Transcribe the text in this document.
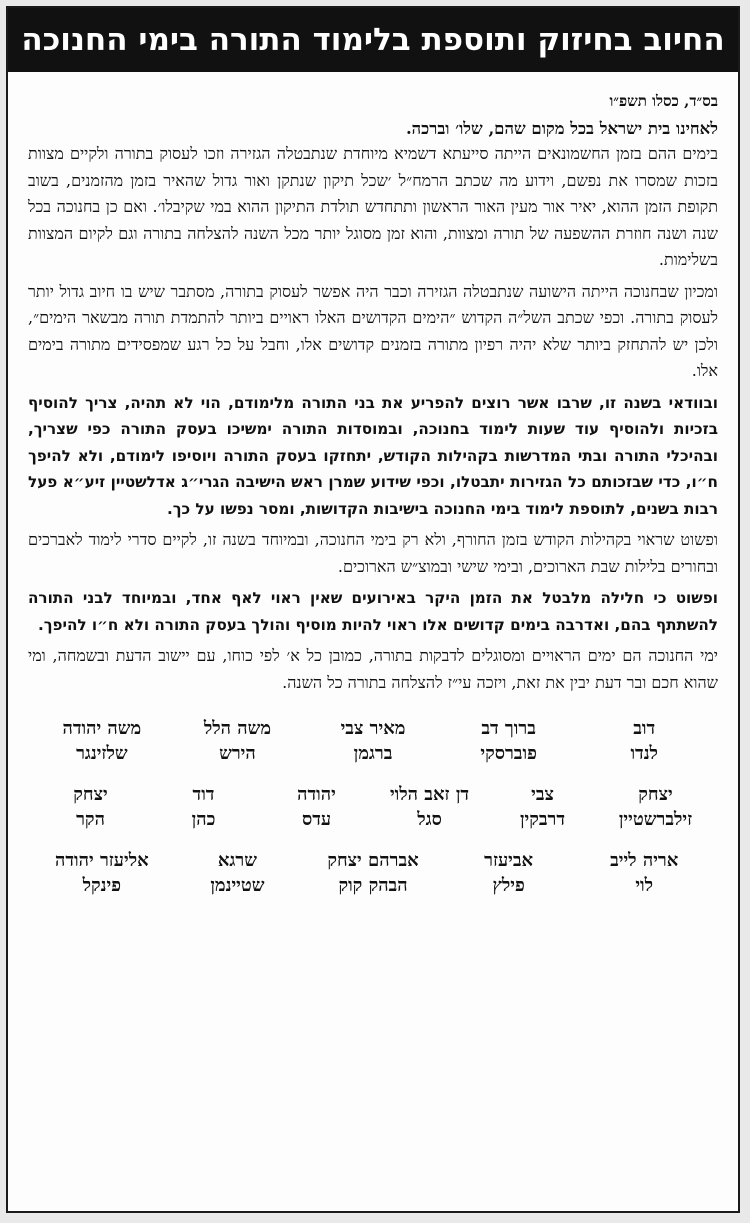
החיוב בחיזוק ותוספת בלימוד התורה בימי החנוכה
בס״ד, כסלו תשפ״ו
לאחינו בית ישראל בכל מקום שהם, שלו׳ וברכה.

בימים ההם בזמן החשמונאים הייתה סייעתא דשמיא מיוחדת שנתבטלה הגזירה וזכו לעסוק בתורה ולקיים מצוות בזכות שמסרו את נפשם, וידוע מה שכתב הרמח״ל ׳שכל תיקון שנתקן ואור גדול שהאיר בזמן מהזמנים, בשוב תקופת הזמן ההוא, יאיר אור מעין האור הראשון ותתחדש תולדת התיקון ההוא במי שקיבלו׳. ואם כן בחנוכה בכל שנה ושנה חוזרת ההשפעה של תורה ומצוות, והוא זמן מסוגל יותר מכל השנה להצלחה בתורה וגם לקיום המצוות בשלימות.

ומכיון שבחנוכה הייתה הישועה שנתבטלה הגזירה וכבר היה אפשר לעסוק בתורה, מסתבר שיש בו חיוב גדול יותר לעסוק בתורה. וכפי שכתב השל״ה הקדוש ״הימים הקדושים האלו ראויים ביותר להתמדת תורה מבשאר הימים״, ולכן יש להתחזק ביותר שלא יהיה רפיון מתורה בזמנים קדושים אלו, וחבל על כל רגע שמפסידים מתורה בימים אלו.

ובוודאי בשנה זו, שרבו אשר רוצים להפריע את בני התורה מלימודם, הוי לא תהיה, צריך להוסיף בזכיות ולהוסיף עוד שעות לימוד בחנוכה, ובמוסדות התורה ימשיכו בעסק התורה כפי שצריך, ובהיכלי התורה ובתי המדרשות בקהילות הקודש, יתחזקו בעסק התורה ויוסיפו לימודם, ולא להיפך ח״ו, כדי שבזכותם כל הגזירות יתבטלו, וכפי שידוע שמרן ראש הישיבה הגרי״ג אדלשטיין זיע״א פעל רבות בשנים, לתוספת לימוד בימי החנוכה בישיבות הקדושות, ומסר נפשו על כך.

ופשוט שראוי בקהילות הקודש בזמן החורף, ולא רק בימי החנוכה, ובמיוחד בשנה זו, לקיים סדרי לימוד לאברכים ובחורים בלילות שבת הארוכים, ובימי שישי ובמוצ״ש הארוכים.

ופשוט כי חלילה מלבטל את הזמן היקר באירועים שאין ראוי לאף אחד, ובמיוחד לבני התורה להשתתף בהם, ואדרבה בימים קדושים אלו ראוי להיות מוסיף והולך בעסק התורה ולא ח״ו להיפך.

ימי החנוכה הם ימים הראויים ומסוגלים לדבקות בתורה, כמובן כל א׳ לפי כוחו, עם יישוב הדעת ובשמחה, ומי שהוא חכם ובר דעת יבין את זאת, ויזכה עי״ז להצלחה בתורה כל השנה.

דוב
לנדו
ברוך דב
פוברסקי
מאיר צבי
ברגמן
משה הלל
הירש
משה יהודה
שלזינגר
יצחק
זילברשטיין
צבי
דרבקין
דן זאב הלוי
סגל
יהודה
עדס
דוד
כהן
יצחק
הקר
אריה לייב
לוי
אביעזר
פילץ
אברהם יצחק
הבהק קוק
שרגא
שטיינמן
אליעזר יהודה
פינקל
